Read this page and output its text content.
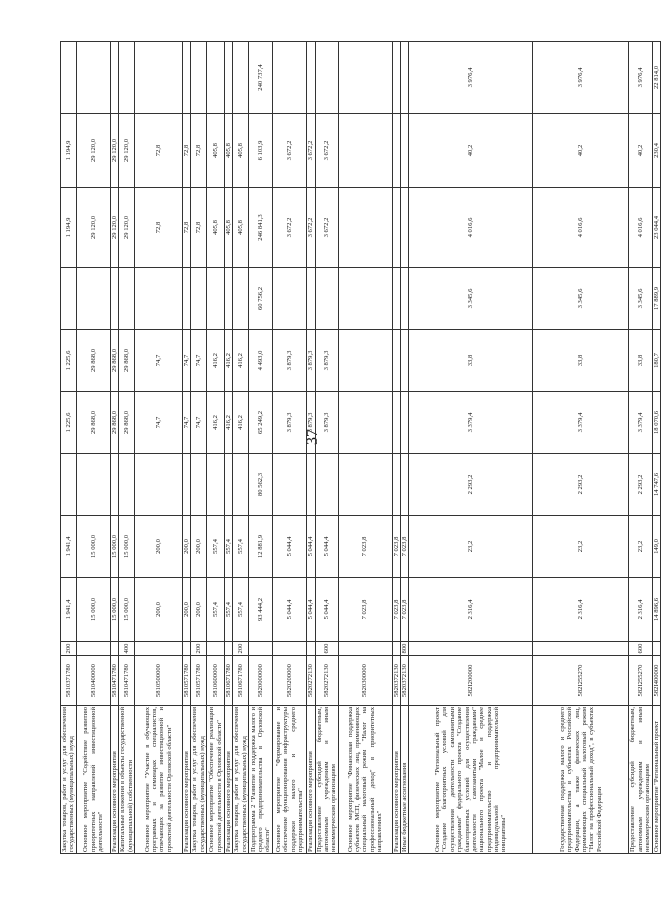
37
Закупка товаров, работ и услуг для обеспечения государственных (муниципальных) нужд	5810371780	200	1 941,4	1 941,4		1 225,6	1 225,6		1 194,9	1 194,9	
Основное мероприятие "Содействие развитию приоритетных направлений инвестиционной деятельности"	5810400000		15 000,0	15 000,0		29 868,0	29 868,0		29 120,0	29 120,0	
Реализация основного мероприятия	5810471780		15 000,0	15 000,0		29 868,0	29 868,0		29 120,0	29 120,0	
Капитальные вложения в объекты государственной (муниципальной) собственности	5810471780	400	15 000,0	15 000,0		29 868,0	29 868,0		29 120,0	29 120,0	
Основное мероприятие "Участие в обучающих программах и семинарах специалистов, отвечающих за развитие инвестиционной и проектной деятельности Орловской области"	5810500000		200,0	200,0		74,7	74,7		72,8	72,8	
Реализация основного мероприятия	5810571780		200,0	200,0		74,7	74,7		72,8	72,8	
Закупка товаров, работ и услуг для обеспечения государственных (муниципальных) нужд	5810571780	200	200,0	200,0		74,7	74,7		72,8	72,8	
Основное мероприятие "Обеспечение реализации проектной деятельности в Орловской области"	5810600000		557,4	557,4		416,2	416,2		405,8	405,8	
Реализация основного мероприятия	5810671780		557,4	557,4		416,2	416,2		405,8	405,8	
Закупка товаров, работ и услуг для обеспечения государственных (муниципальных) нужд	5810671780	200	557,4	557,4		416,2	416,2		405,8	405,8	
Подпрограмма 2 "Развитие и поддержка малого и среднего предпринимательства в Орловской области"	5820000000		93 444,2	12 881,9	80 562,3	65 249,2	4 493,0	60 756,2	246 841,3	6 103,9	240 737,4
Основное мероприятие "Формирование и обеспечение функционирования инфраструктуры поддержки малого и среднего предпринимательства"	5820200000		5 044,4	5 044,4		3 879,3	3 879,3		3 672,2	3 672,2	
Реализация основного мероприятия	5820272130		5 044,4	5 044,4		3 879,3	3 879,3		3 672,2	3 672,2	
Предоставление субсидий бюджетным, автономным учреждениям и иным некоммерческим организациям	5820272130	600	5 044,4	5 044,4		3 879,3	3 879,3		3 672,2	3 672,2	
Основное мероприятие "Финансовая поддержка субъектов МСП, физических лиц, применяющих специальный налоговый режим "Налог на профессиональный доход" в приоритетных направлениях"	5820300000		7 023,8	7 023,8							
Реализация основного мероприятия	5820372130		7 023,8	7 023,8							
Иные бюджетные ассигнования	5820372130	800	7 023,8	7 023,8							
Основное мероприятие "Региональный проект "Создание благоприятных условий для осуществления деятельности самозанятыми гражданами" федерального проекта "Создание благоприятных условий для осуществления деятельности самозанятыми гражданами" национального проекта "Малое и среднее предпринимательство и поддержка индивидуальной предпринимательской инициативы"	582I200000		2 316,4	23,2	2 293,2	3 379,4	33,8	3 345,6	4 016,6	40,2	3 976,4
Государственная поддержка малого и среднего предпринимательства в субъектах Российской Федерации, а также физических лиц, применяющих специальный налоговый режим "Налог на профессиональный доход", в субъектах Российской Федерации	582I255270		2 316,4	23,2	2 293,2	3 379,4	33,8	3 345,6	4 016,6	40,2	3 976,4
Предоставление субсидий бюджетным, автономным учреждениям и иным некоммерческим организациям	582I255270	600	2 316,4	23,2	2 293,2	3 379,4	33,8	3 345,6	4 016,6	40,2	3 976,4
Основное мероприятие "Региональный проект	582I400000		14 896,6	149,0	14 747,6	18 070,6	180,7	17 889,9	23 044,4	230,4	22 814,0
